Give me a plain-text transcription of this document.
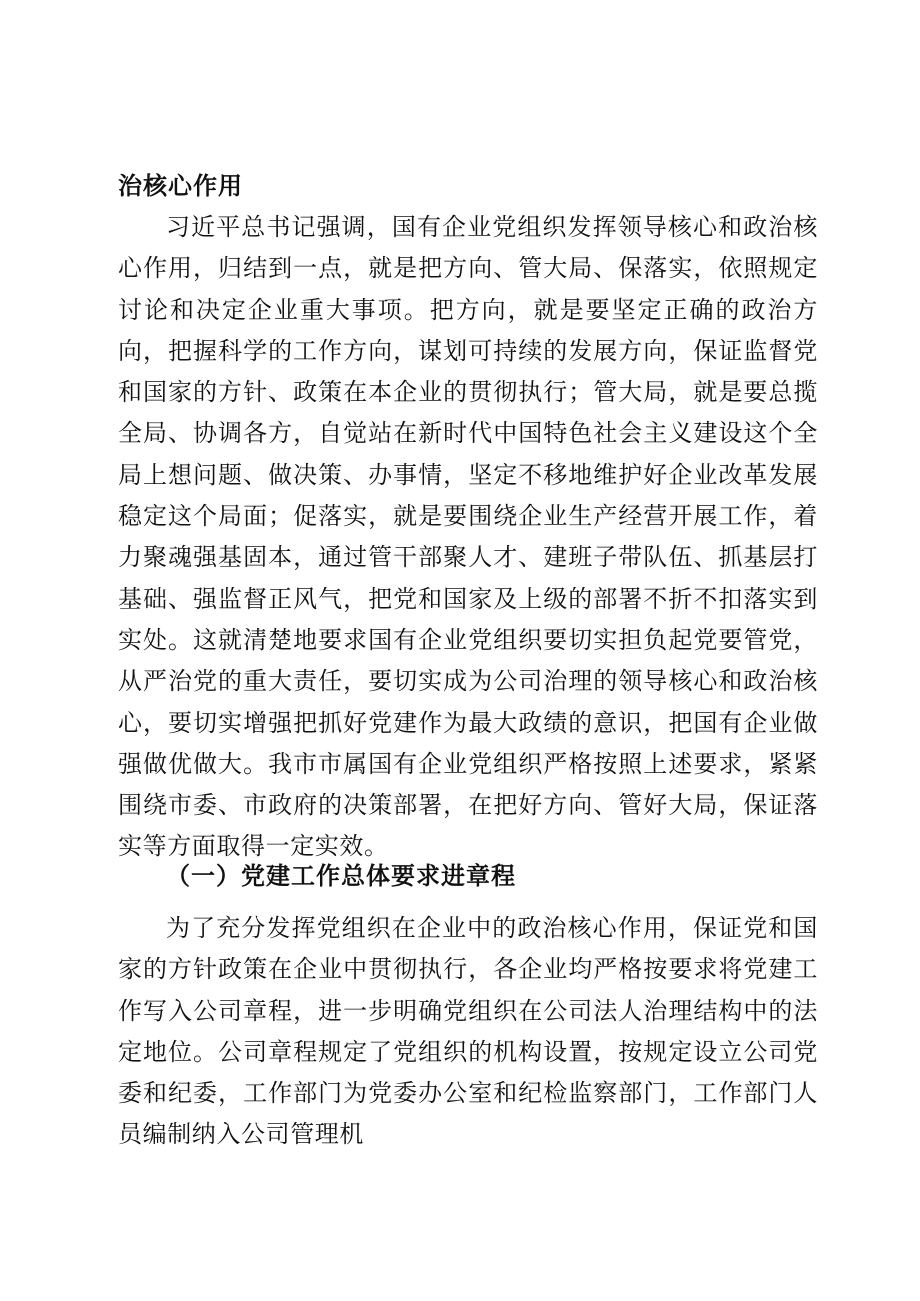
治核心作用

习近平总书记强调，国有企业党组织发挥领导核心和政治核心作用，归结到一点，就是把方向、管大局、保落实，依照规定讨论和决定企业重大事项。把方向，就是要坚定正确的政治方向，把握科学的工作方向，谋划可持续的发展方向，保证监督党和国家的方针、政策在本企业的贯彻执行；管大局，就是要总揽全局、协调各方，自觉站在新时代中国特色社会主义建设这个全局上想问题、做决策、办事情，坚定不移地维护好企业改革发展稳定这个局面；促落实，就是要围绕企业生产经营开展工作，着力聚魂强基固本，通过管干部聚人才、建班子带队伍、抓基层打基础、强监督正风气，把党和国家及上级的部署不折不扣落实到实处。这就清楚地要求国有企业党组织要切实担负起党要管党，从严治党的重大责任，要切实成为公司治理的领导核心和政治核心，要切实增强把抓好党建作为最大政绩的意识，把国有企业做强做优做大。我市市属国有企业党组织严格按照上述要求，紧紧围绕市委、市政府的决策部署，在把好方向、管好大局，保证落实等方面取得一定实效。

（一）党建工作总体要求进章程

为了充分发挥党组织在企业中的政治核心作用，保证党和国家的方针政策在企业中贯彻执行，各企业均严格按要求将党建工作写入公司章程，进一步明确党组织在公司法人治理结构中的法定地位。公司章程规定了党组织的机构设置，按规定设立公司党委和纪委，工作部门为党委办公室和纪检监察部门，工作部门人员编制纳入公司管理机
